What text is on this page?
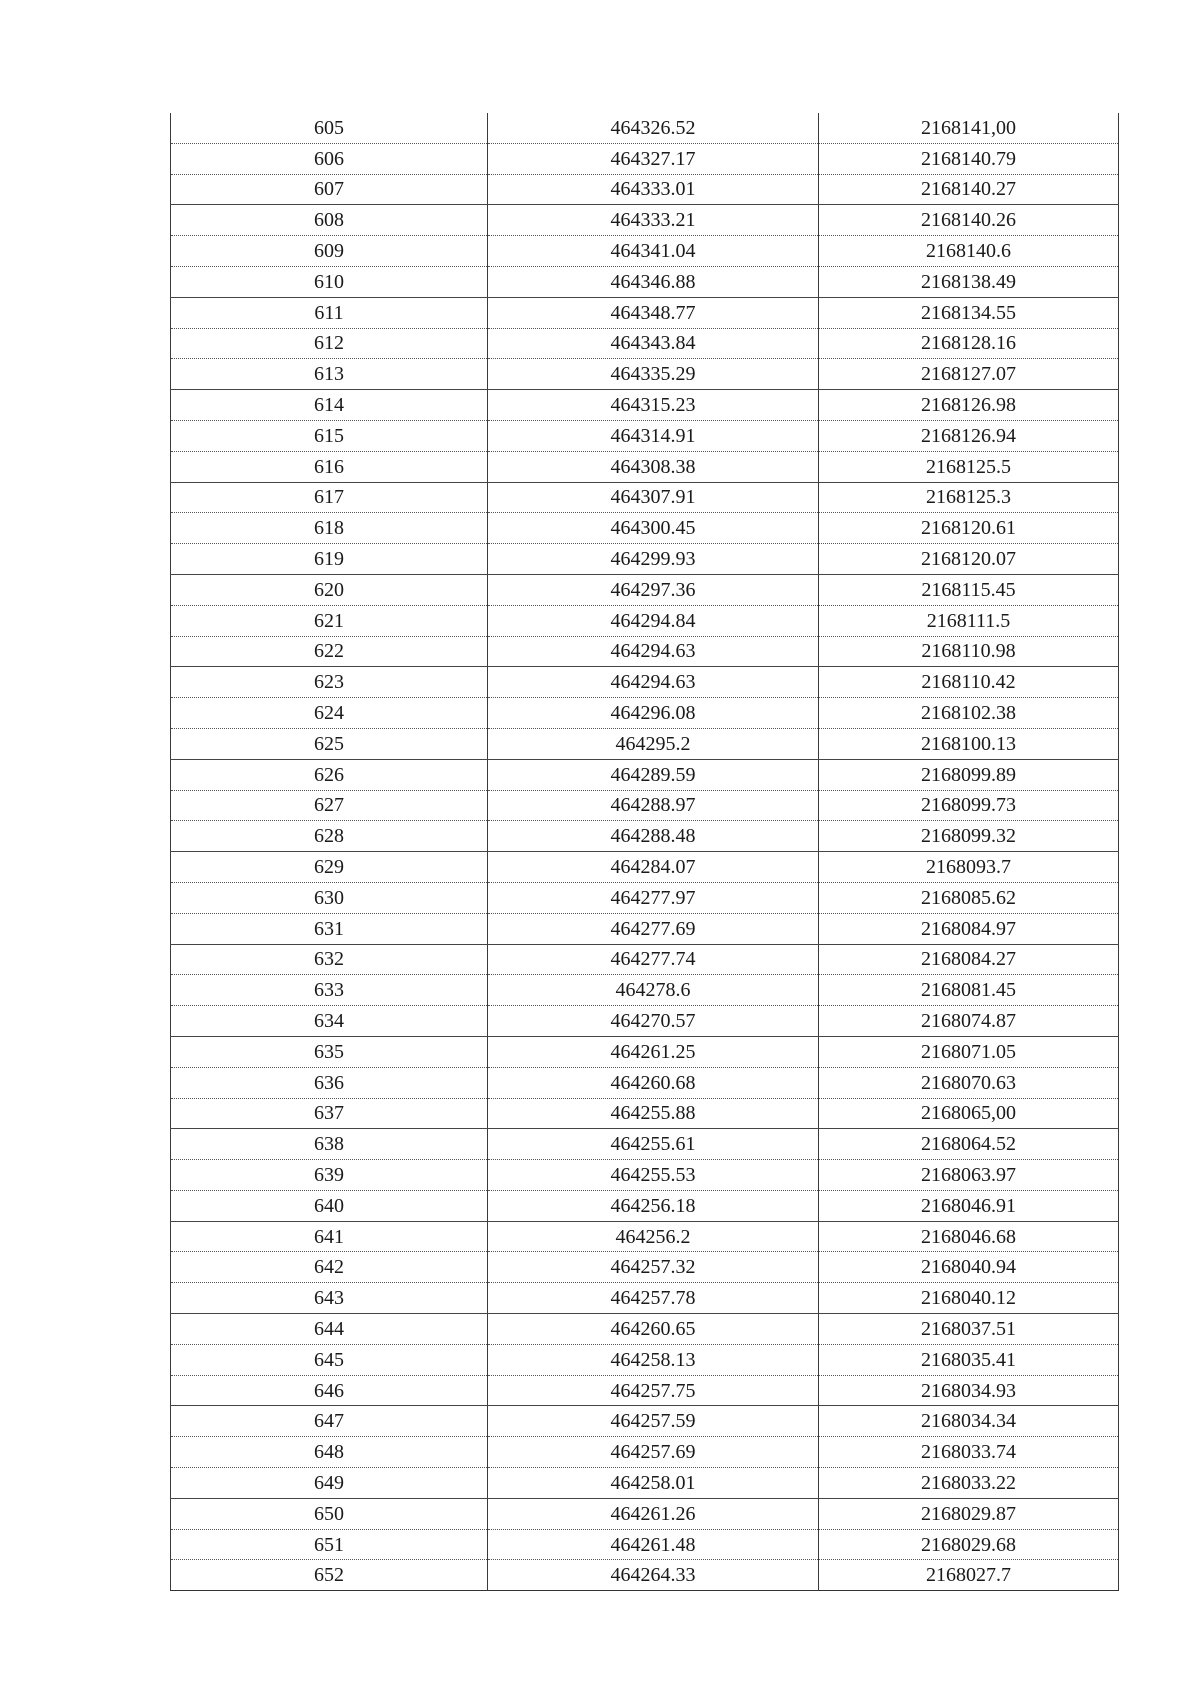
605	464326.52	2168141,00
606	464327.17	2168140.79
607	464333.01	2168140.27
608	464333.21	2168140.26
609	464341.04	2168140.6
610	464346.88	2168138.49
611	464348.77	2168134.55
612	464343.84	2168128.16
613	464335.29	2168127.07
614	464315.23	2168126.98
615	464314.91	2168126.94
616	464308.38	2168125.5
617	464307.91	2168125.3
618	464300.45	2168120.61
619	464299.93	2168120.07
620	464297.36	2168115.45
621	464294.84	2168111.5
622	464294.63	2168110.98
623	464294.63	2168110.42
624	464296.08	2168102.38
625	464295.2	2168100.13
626	464289.59	2168099.89
627	464288.97	2168099.73
628	464288.48	2168099.32
629	464284.07	2168093.7
630	464277.97	2168085.62
631	464277.69	2168084.97
632	464277.74	2168084.27
633	464278.6	2168081.45
634	464270.57	2168074.87
635	464261.25	2168071.05
636	464260.68	2168070.63
637	464255.88	2168065,00
638	464255.61	2168064.52
639	464255.53	2168063.97
640	464256.18	2168046.91
641	464256.2	2168046.68
642	464257.32	2168040.94
643	464257.78	2168040.12
644	464260.65	2168037.51
645	464258.13	2168035.41
646	464257.75	2168034.93
647	464257.59	2168034.34
648	464257.69	2168033.74
649	464258.01	2168033.22
650	464261.26	2168029.87
651	464261.48	2168029.68
652	464264.33	2168027.7
